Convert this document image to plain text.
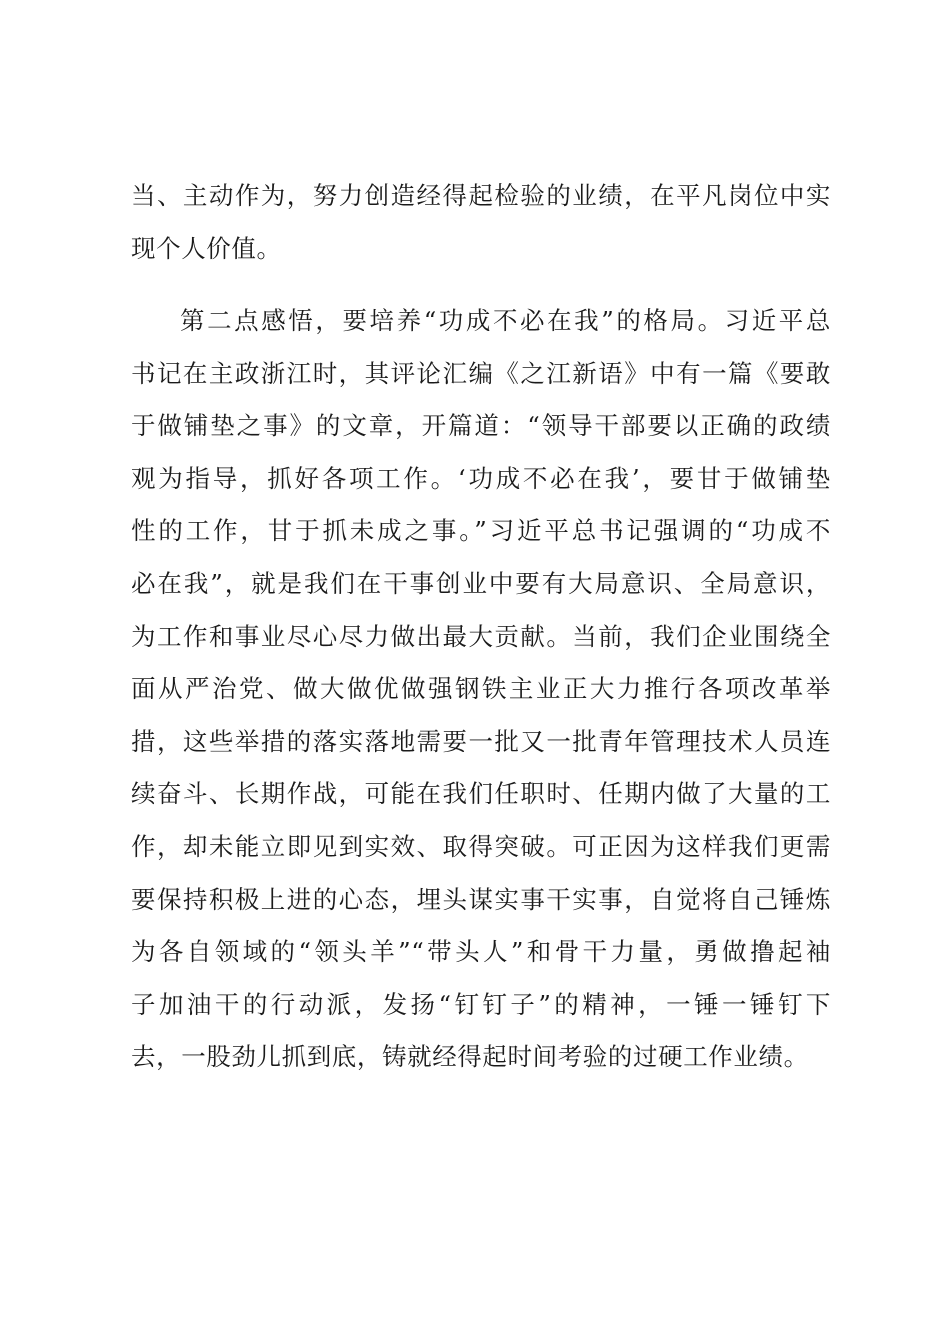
当、主动作为，努力创造经得起检验的业绩，在平凡岗位中实
现个人价值。
第二点感悟，要培养“功成不必在我”的格局。习近平总
书记在主政浙江时，其评论汇编《之江新语》中有一篇《要敢
于做铺垫之事》的文章，开篇道：“领导干部要以正确的政绩
观为指导，抓好各项工作。‘功成不必在我’，要甘于做铺垫
性的工作，甘于抓未成之事。”习近平总书记强调的“功成不
必在我”，就是我们在干事创业中要有大局意识、全局意识，
为工作和事业尽心尽力做出最大贡献。当前，我们企业围绕全
面从严治党、做大做优做强钢铁主业正大力推行各项改革举
措，这些举措的落实落地需要一批又一批青年管理技术人员连
续奋斗、长期作战，可能在我们任职时、任期内做了大量的工
作，却未能立即见到实效、取得突破。可正因为这样我们更需
要保持积极上进的心态，埋头谋实事干实事，自觉将自己锤炼
为各自领域的“领头羊”“带头人”和骨干力量，勇做撸起袖
子加油干的行动派，发扬“钉钉子”的精神，一锤一锤钉下
去，一股劲儿抓到底，铸就经得起时间考验的过硬工作业绩。
